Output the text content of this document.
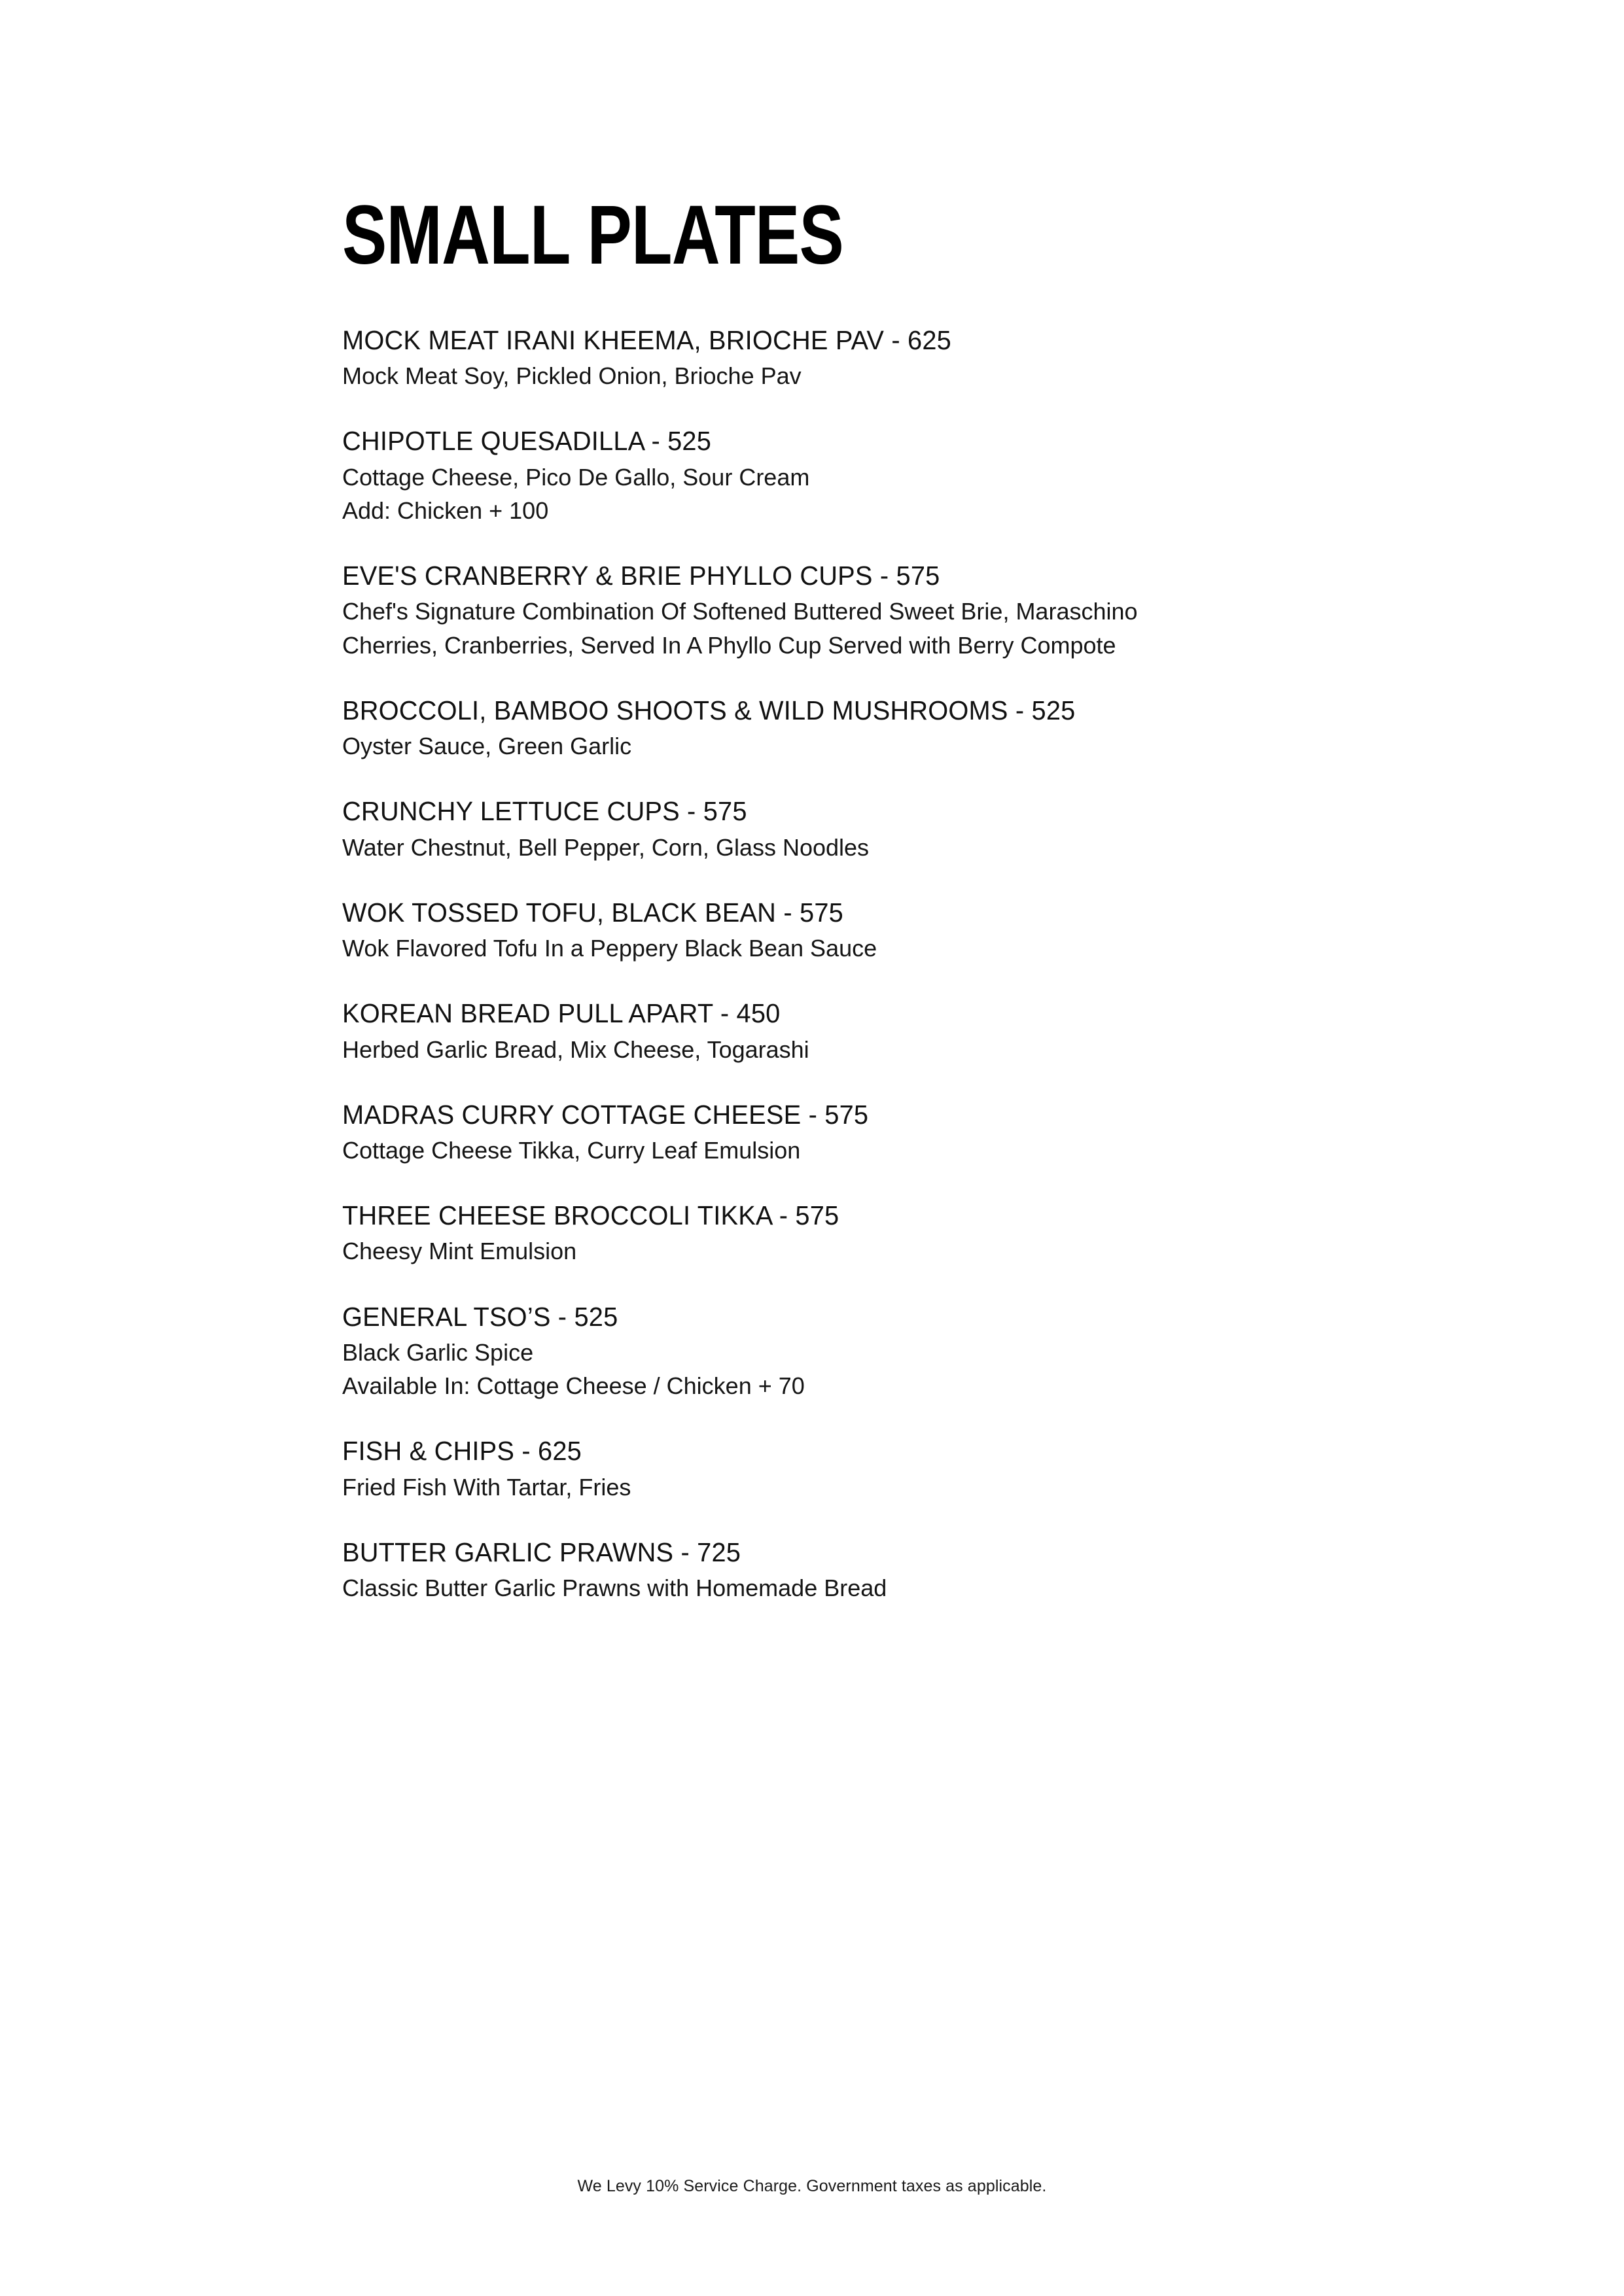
SMALL PLATES
MOCK MEAT IRANI KHEEMA, BRIOCHE PAV - 625
Mock Meat Soy, Pickled Onion, Brioche Pav
CHIPOTLE QUESADILLA - 525
Cottage Cheese, Pico De Gallo, Sour Cream
Add: Chicken + 100
EVE'S CRANBERRY & BRIE PHYLLO CUPS - 575
Chef's Signature Combination Of Softened Buttered Sweet Brie, Maraschino
Cherries, Cranberries, Served In A Phyllo Cup Served with Berry Compote
BROCCOLI, BAMBOO SHOOTS & WILD MUSHROOMS - 525
Oyster Sauce, Green Garlic
CRUNCHY LETTUCE CUPS - 575
Water Chestnut, Bell Pepper, Corn, Glass Noodles
WOK TOSSED TOFU, BLACK BEAN - 575
Wok Flavored Tofu In a Peppery Black Bean Sauce
KOREAN BREAD PULL APART - 450
Herbed Garlic Bread, Mix Cheese, Togarashi
MADRAS CURRY COTTAGE CHEESE - 575
Cottage Cheese Tikka, Curry Leaf Emulsion
THREE CHEESE BROCCOLI TIKKA - 575
Cheesy Mint Emulsion
GENERAL TSO’S - 525
Black Garlic Spice
Available In: Cottage Cheese / Chicken + 70
FISH & CHIPS - 625
Fried Fish With Tartar, Fries
BUTTER GARLIC PRAWNS - 725
Classic Butter Garlic Prawns with Homemade Bread
We Levy 10% Service Charge. Government taxes as applicable.
